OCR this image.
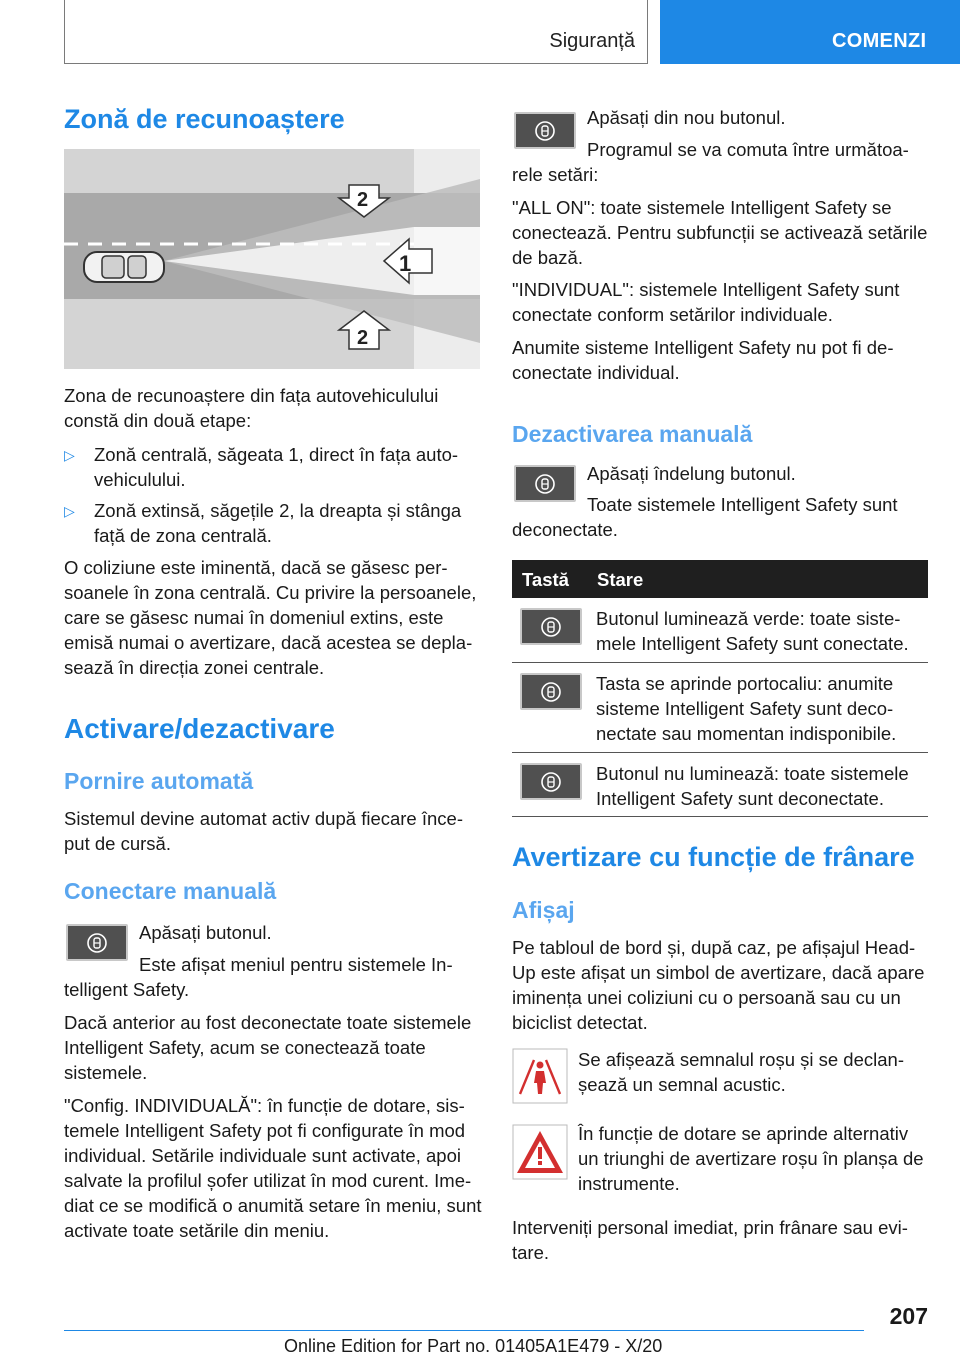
Siguranță	COMENZI
Zonă de recunoaștere
1
2
2

Zona de recunoaștere din fața autovehiculului constă din două etape:

▷ Zonă centrală, săgeata 1, direct în fața autovehiculului.
▷ Zonă extinsă, săgețile 2, la dreapta și stânga față de zona centrală.

O coliziune este iminentă, dacă se găsesc persoanele în zona centrală. Cu privire la persoanele, care se găsesc numai în domeniul extins, este emisă numai o avertizare, dacă acestea se deplasează în direcția zonei centrale.

Activare/dezactivare
Pornire automată

Sistemul devine automat activ după fiecare început de cursă.

Conectare manuală

Apăsați butonul.

Este afișat meniul pentru sistemele Intelligent Safety.

Dacă anterior au fost deconectate toate sistemele Intelligent Safety, acum se conectează toate sistemele.

"Config. INDIVIDUALĂ": în funcție de dotare, sistemele Intelligent Safety pot fi configurate în mod individual. Setările individuale sunt activate, apoi salvate la profilul șofer utilizat în mod curent. Imediat ce se modifică o anumită setare în meniu, sunt activate toate setările din meniu.

Apăsați din nou butonul.

Programul se va comuta între următoarele setări:

"ALL ON": toate sistemele Intelligent Safety se conectează. Pentru subfuncții se activează setările de bază.

"INDIVIDUAL": sistemele Intelligent Safety sunt conectate conform setărilor individuale.

Anumite sisteme Intelligent Safety nu pot fi deconectate individual.

Dezactivarea manuală

Apăsați îndelung butonul.

Toate sistemele Intelligent Safety sunt deconectate.

Tastă Stare

Butonul luminează verde: toate sistemele Intelligent Safety sunt conectate.

Tasta se aprinde portocaliu: anumite sisteme Intelligent Safety sunt deconectate sau momentan indisponibile.

Butonul nu luminează: toate sistemele Intelligent Safety sunt deconectate.

Avertizare cu funcție de frânare
Afișaj

Pe tabloul de bord și, după caz, pe afișajul Head-Up este afișat un simbol de avertizare, dacă apare iminența unei coliziuni cu o persoană sau cu un biciclist detectat.

Se afișează semnalul roșu și se declanșează un semnal acustic.

În funcție de dotare se aprinde alternativ un triunghi de avertizare roșu în planșa de instrumente.

Interveniți personal imediat, prin frânare sau evitare.

207
Online Edition for Part no. 01405A1E479 - X/20
